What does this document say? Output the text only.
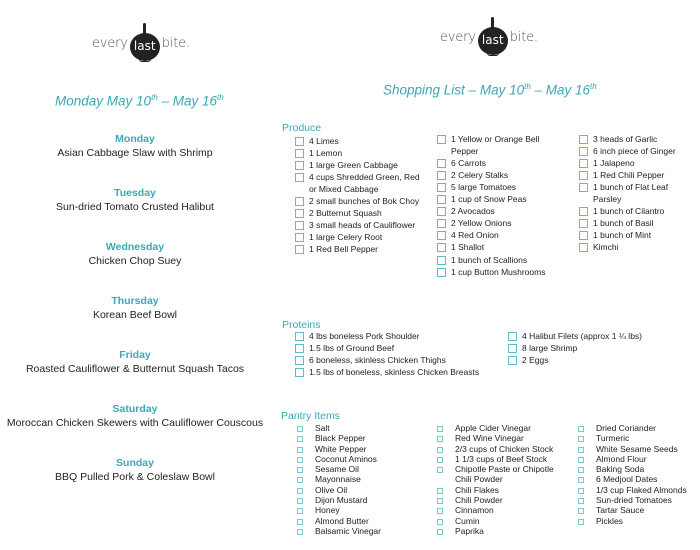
every last bite.	every last bite.
Monday May 10th – May 16th	Shopping List – May 10th – May 16th
Monday
Asian Cabbage Slaw with Shrimp
Tuesday
Sun-dried Tomato Crusted Halibut
Wednesday
Chicken Chop Suey
Thursday
Korean Beef Bowl
Friday
Roasted Cauliflower & Butternut Squash Tacos
Saturday
Moroccan Chicken Skewers with Cauliflower Couscous
Sunday
BBQ Pulled Pork & Coleslaw Bowl
Produce
4 Limes
1 Lemon
1 large Green Cabbage
4 cups Shredded Green, Red or Mixed Cabbage
2 small bunches of Bok Choy
2 Butternut Squash
3 small heads of Cauliflower
1 large Celery Root
1 Red Bell Pepper
1 Yellow or Orange Bell Pepper
6 Carrots
2 Celery Stalks
5 large Tomatoes
1 cup of Snow Peas
2 Avocados
2 Yellow Onions
4 Red Onion
1 Shallot
1 bunch of Scallions
1 cup Button Mushrooms
3 heads of Garlic
6 inch piece of Ginger
1 Jalapeno
1 Red Chili Pepper
1 bunch of Flat Leaf Parsley
1 bunch of Cilantro
1 bunch of Basil
1 bunch of Mint
Kimchi
Proteins
4 lbs boneless Pork Shoulder
1.5 lbs of Ground Beef
6 boneless, skinless Chicken Thighs
1.5 lbs of boneless, skinless Chicken Breasts
4 Halibut Filets (approx 1 ¼ lbs)
8 large Shrimp
2 Eggs
Pantry Items
Salt
Black Pepper
White Pepper
Coconut Aminos
Sesame Oil
Mayonnaise
Olive Oil
Dijon Mustard
Honey
Almond Butter
Balsamic Vinegar
Apple Cider Vinegar
Red Wine Vinegar
2/3 cups of Chicken Stock
1 1/3 cups of Beef Stock
Chipotle Paste or Chipotle Chili Powder
Chili Flakes
Chili Powder
Cinnamon
Cumin
Paprika
Dried Coriander
Turmeric
White Sesame Seeds
Almond Flour
Baking Soda
6 Medjool Dates
1/3 cup Flaked Almonds
Sun-dried Tomatoes
Tartar Sauce
Pickles
